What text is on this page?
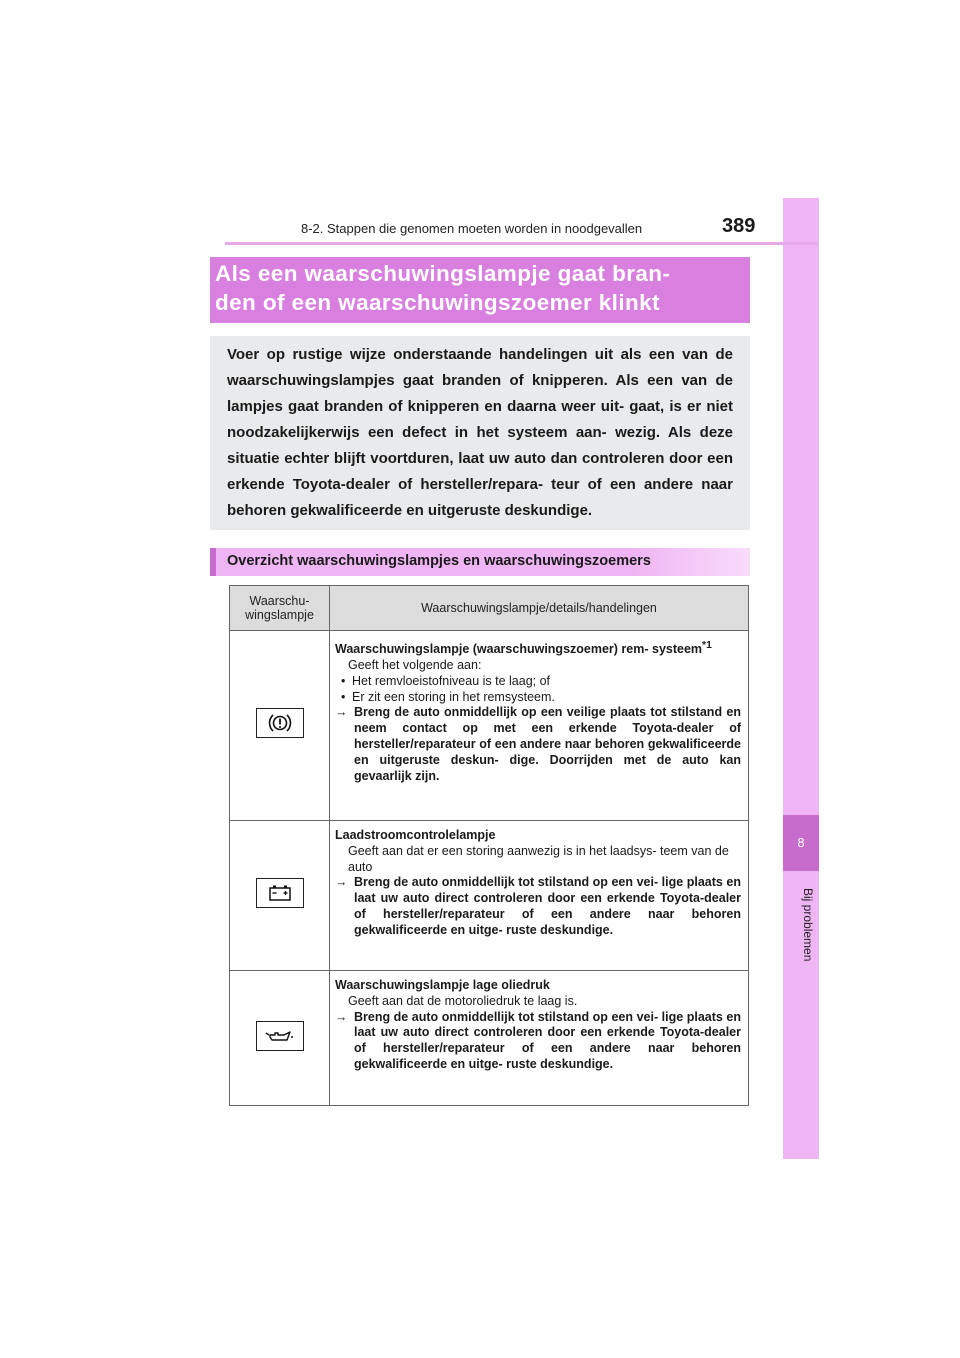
8
Bij problemen
8-2. Stappen die genomen moeten worden in noodgevallen	389
Als een waarschuwingslampje gaat bran-
den of een waarschuwingszoemer klinkt

Voer op rustige wijze onderstaande handelingen uit als een van de waarschuwingslampjes gaat branden of knipperen. Als een van de lampjes gaat branden of knipperen en daarna weer uit- gaat, is er niet noodzakelijkerwijs een defect in het systeem aan- wezig. Als deze situatie echter blijft voortduren, laat uw auto dan controleren door een erkende Toyota-dealer of hersteller/repara- teur of een andere naar behoren gekwalificeerde en uitgeruste deskundige.

Overzicht waarschuwingslampjes en waarschuwingszoemers
Waarschu-
wingslampje	Waarschuwingslampje/details/handelingen

Waarschuwingslampje (waarschuwingszoemer) rem- systeem$^{*1}$
Geeft het volgende aan:
• Het remvloeistofniveau is te laag; of
• Er zit een storing in het remsysteem.
→ Breng de auto onmiddellijk op een veilige plaats tot stilstand en neem contact op met een erkende Toyota-dealer of hersteller/reparateur of een andere naar behoren gekwalificeerde en uitgeruste deskun- dige. Doorrijden met de auto kan gevaarlijk zijn.

Laadstroomcontrolelampje
Geeft aan dat er een storing aanwezig is in het laadsys- teem van de auto
→ Breng de auto onmiddellijk tot stilstand op een vei- lige plaats en laat uw auto direct controleren door een erkende Toyota-dealer of hersteller/reparateur of een andere naar behoren gekwalificeerde en uitge- ruste deskundige.

Waarschuwingslampje lage oliedruk
Geeft aan dat de motoroliedruk te laag is.
→ Breng de auto onmiddellijk tot stilstand op een vei- lige plaats en laat uw auto direct controleren door een erkende Toyota-dealer of hersteller/reparateur of een andere naar behoren gekwalificeerde en uitge- ruste deskundige.
